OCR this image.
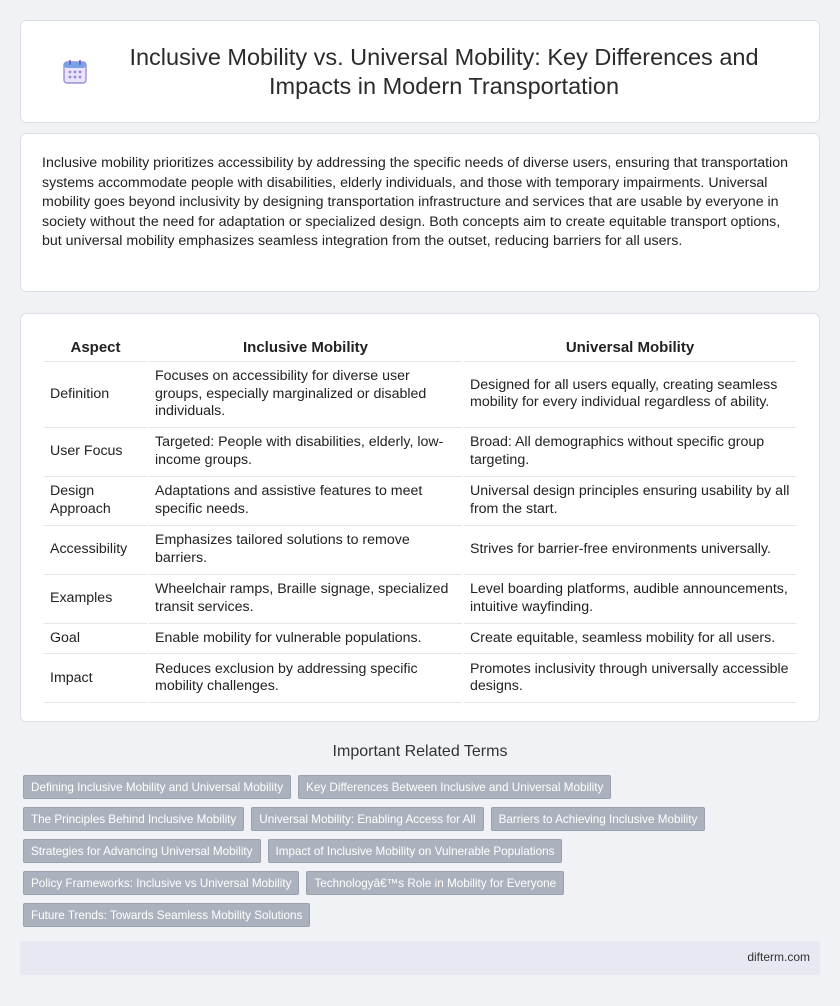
Inclusive Mobility vs. Universal Mobility: Key Differences and Impacts in Modern Transportation

Inclusive mobility prioritizes accessibility by addressing the specific needs of diverse users, ensuring that transportation systems accommodate people with disabilities, elderly individuals, and those with temporary impairments. Universal mobility goes beyond inclusivity by designing transportation infrastructure and services that are usable by everyone in society without the need for adaptation or specialized design. Both concepts aim to create equitable transport options, but universal mobility emphasizes seamless integration from the outset, reducing barriers for all users.

Aspect	Inclusive Mobility	Universal Mobility
Definition	Focuses on accessibility for diverse user groups, especially marginalized or disabled individuals.	Designed for all users equally, creating seamless mobility for every individual regardless of ability.
User Focus	Targeted: People with disabilities, elderly, low-income groups.	Broad: All demographics without specific group targeting.
Design Approach	Adaptations and assistive features to meet specific needs.	Universal design principles ensuring usability by all from the start.
Accessibility	Emphasizes tailored solutions to remove barriers.	Strives for barrier-free environments universally.
Examples	Wheelchair ramps, Braille signage, specialized transit services.	Level boarding platforms, audible announcements, intuitive wayfinding.
Goal	Enable mobility for vulnerable populations.	Create equitable, seamless mobility for all users.
Impact	Reduces exclusion by addressing specific mobility challenges.	Promotes inclusivity through universally accessible designs.
Important Related Terms
Defining Inclusive Mobility and Universal Mobility	Key Differences Between Inclusive and Universal Mobility
The Principles Behind Inclusive Mobility	Universal Mobility: Enabling Access for All	Barriers to Achieving Inclusive Mobility
Strategies for Advancing Universal Mobility	Impact of Inclusive Mobility on Vulnerable Populations
Policy Frameworks: Inclusive vs Universal Mobility	Technologyâ€™s Role in Mobility for Everyone
Future Trends: Towards Seamless Mobility Solutions
difterm.com
